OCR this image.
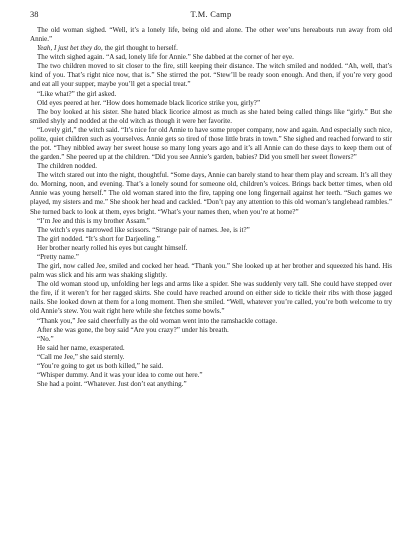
38	T.M. Camp

The old woman sighed. “Well, it’s a lonely life, being old and alone. The other wee’uns hereabouts run away from old Annie.”

Yeah, I just bet they do, the girl thought to herself.

The witch sighed again. “A sad, lonely life for Annie.” She dabbed at the corner of her eye.

The two children moved to sit closer to the fire, still keeping their distance. The witch smiled and nodded. “Ah, well, that’s kind of you. That’s right nice now, that is.” She stirred the pot. “Stew’ll be ready soon enough. And then, if you’re very good and eat all your supper, maybe you’ll get a special treat.”

“Like what?” the girl asked.

Old eyes peered at her. “How does homemade black licorice strike you, girly?”

The boy looked at his sister. She hated black licorice almost as much as she hated being called things like “girly.” But she smiled shyly and nodded at the old witch as though it were her favorite.

“Lovely girl,” the witch said. “It’s nice for old Annie to have some proper company, now and again. And especially such nice, polite, quiet children such as yourselves. Annie gets so tired of those little brats in town.” She sighed and reached forward to stir the pot. “They nibbled away her sweet house so many long years ago and it’s all Annie can do these days to keep them out of the garden.” She peered up at the children. “Did you see Annie’s garden, babies? Did you smell her sweet flowers?”

The children nodded.

The witch stared out into the night, thoughtful. “Some days, Annie can barely stand to hear them play and scream. It’s all they do. Morning, noon, and evening. That’s a lonely sound for someone old, children’s voices. Brings back better times, when old Annie was young herself.” The old woman stared into the fire, tapping one long fingernail against her teeth. “Such games we played, my sisters and me.” She shook her head and cackled. “Don’t pay any attention to this old woman’s tanglehead rambles.” She turned back to look at them, eyes bright. “What’s your names then, when you’re at home?”

“I’m Jee and this is my brother Assam.”

The witch’s eyes narrowed like scissors. “Strange pair of names. Jee, is it?”

The girl nodded. “It’s short for Darjeeling.”

Her brother nearly rolled his eyes but caught himself.

“Pretty name.”

The girl, now called Jee, smiled and cocked her head. “Thank you.” She looked up at her brother and squeezed his hand. His palm was slick and his arm was shaking slightly.

The old woman stood up, unfolding her legs and arms like a spider. She was suddenly very tall. She could have stepped over the fire, if it weren’t for her ragged skirts. She could have reached around on either side to tickle their ribs with those jagged nails. She looked down at them for a long moment. Then she smiled. “Well, whatever you’re called, you’re both welcome to try old Annie’s stew. You wait right here while she fetches some bowls.”

“Thank you,” Jee said cheerfully as the old woman went into the ramshackle cottage.

After she was gone, the boy said “Are you crazy?” under his breath.

“No.”

He said her name, exasperated.

“Call me Jee,” she said sternly.

“You’re going to get us both killed,” he said.

“Whisper dummy. And it was your idea to come out here.”

She had a point. “Whatever. Just don’t eat anything.”
